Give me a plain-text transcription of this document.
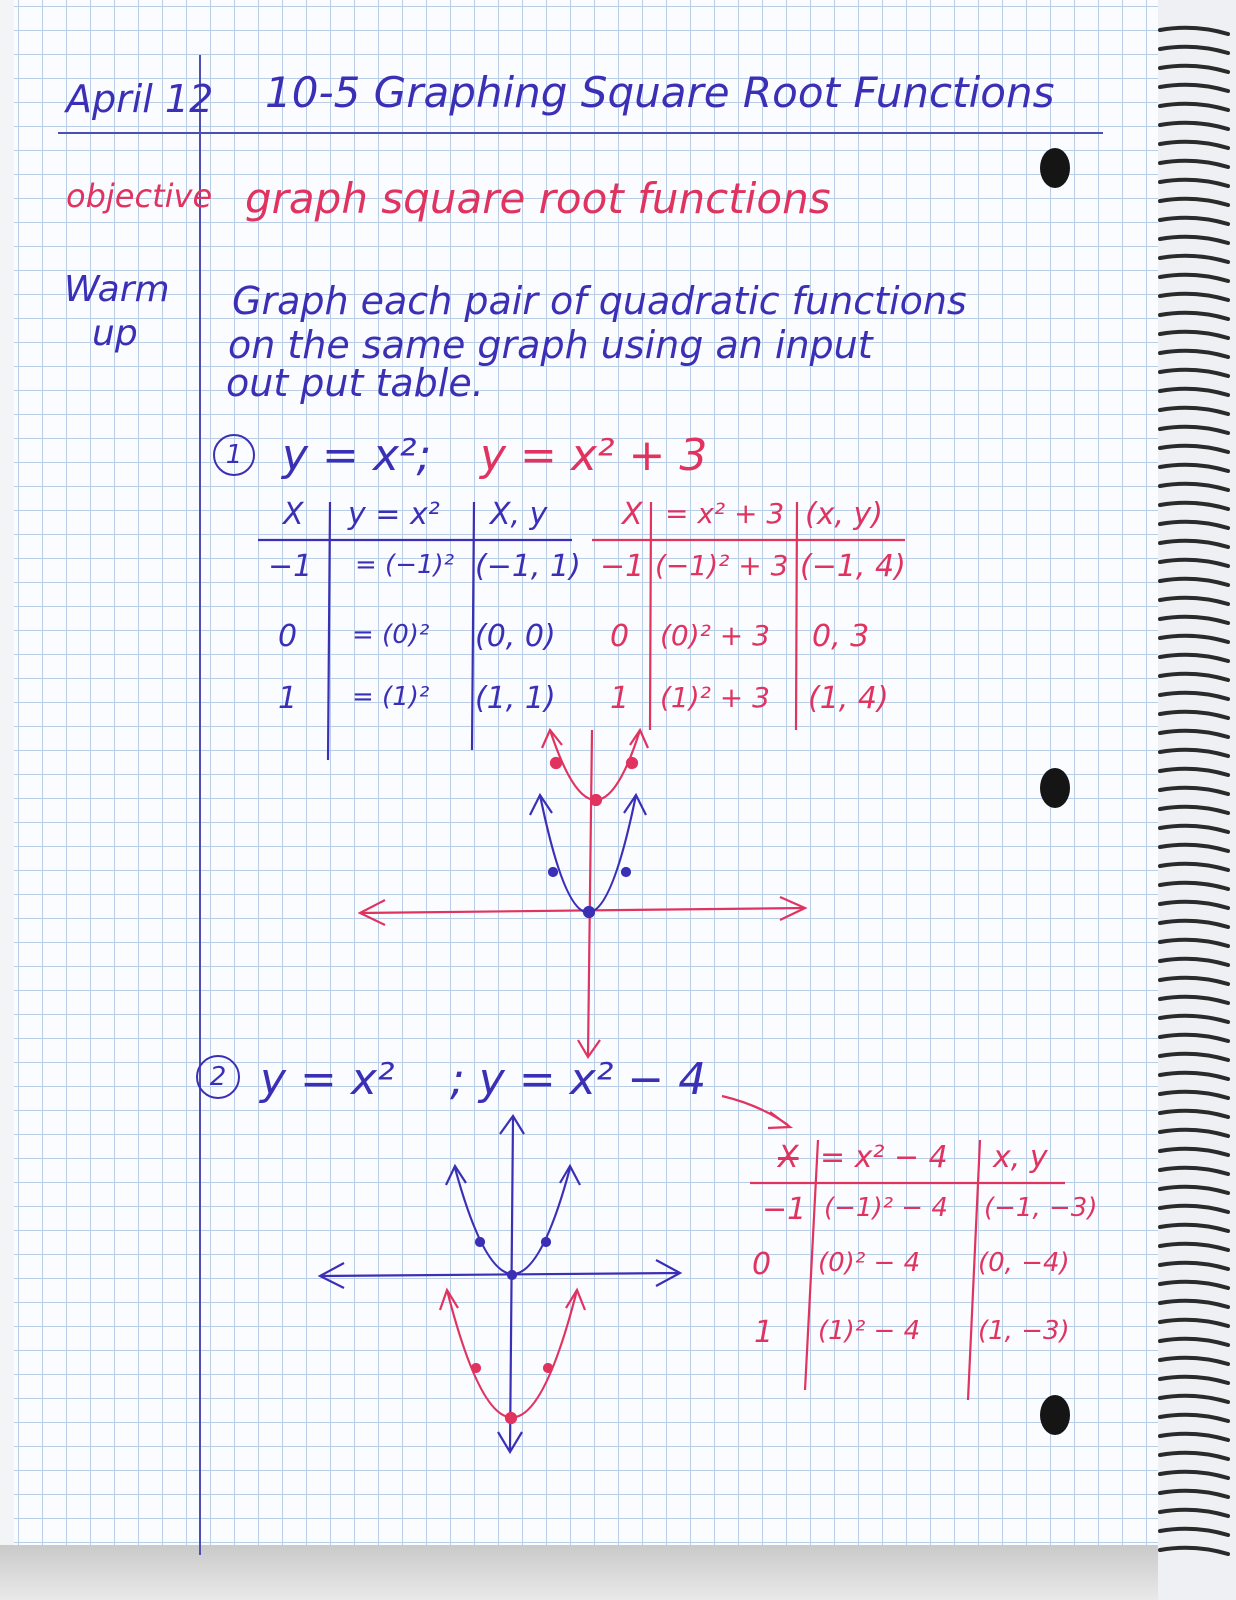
April 12 10-5 Graphing Square Root Functions
objective graph square root functions
Warm
up
Graph each pair of quadratic functions
on the same graph using an input
out put table.
1 y = x²; y = x² + 3
X y = x² X, y
−1 = (−1)² (−1, 1)
0 = (0)² (0, 0)
1 = (1)² (1, 1)
X = x² + 3 (x, y)
−1 (−1)² + 3 (−1, 4)
0 (0)² + 3 0, 3
1 (1)² + 3 (1, 4)
2 y = x² ; y = x² − 4
X = x² − 4 x, y
−1 (−1)² − 4 (−1, −3)
0 (0)² − 4 (0, −4)
1 (1)² − 4 (1, −3)
